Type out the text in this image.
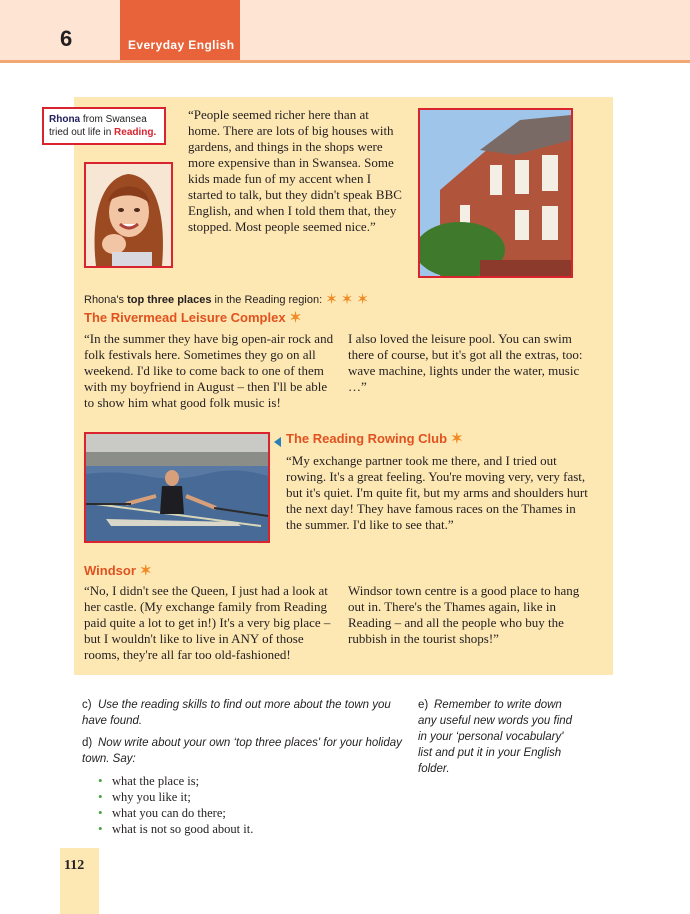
6	Everyday English
Rhona from Swansea tried out life in Reading.
“People seemed richer here than at home. There are lots of big houses with gardens, and things in the shops were more expensive than in Swansea. Some kids made fun of my accent when I started to talk, but they didn't speak BBC English, and when I told them that, they stopped. Most people seemed nice.”
Rhona's top three places in the Reading region: ✶✶✶
The Rivermead Leisure Complex ✶
“In the summer they have big open-air rock and folk festivals here. Sometimes they go on all weekend. I'd like to come back to one of them with my boyfriend in August – then I'll be able to show him what good folk music is!
I also loved the leisure pool. You can swim there of course, but it's got all the extras, too: wave machine, lights under the water, music …”
The Reading Rowing Club ✶
“My exchange partner took me there, and I tried out rowing. It's a great feeling. You're moving very, very fast, but it's quiet. I'm quite fit, but my arms and shoulders hurt the next day! They have famous races on the Thames in the summer. I'd like to see that.”
Windsor ✶
“No, I didn't see the Queen, I just had a look at her castle. (My exchange family from Reading paid quite a lot to get in!) It's a very big place – but I wouldn't like to live in ANY of those rooms, they're all far too old-fashioned!
Windsor town centre is a good place to hang out in. There's the Thames again, like in Reading – and all the people who buy the rubbish in the tourist shops!”
c) Use the reading skills to find out more about the town you have found.
d) Now write about your own ‘top three places' for your holiday town. Say:
• what the place is;
• why you like it;
• what you can do there;
• what is not so good about it.
e) Remember to write down any useful new words you find in your ‘personal vocabulary' list and put it in your English folder.
112
